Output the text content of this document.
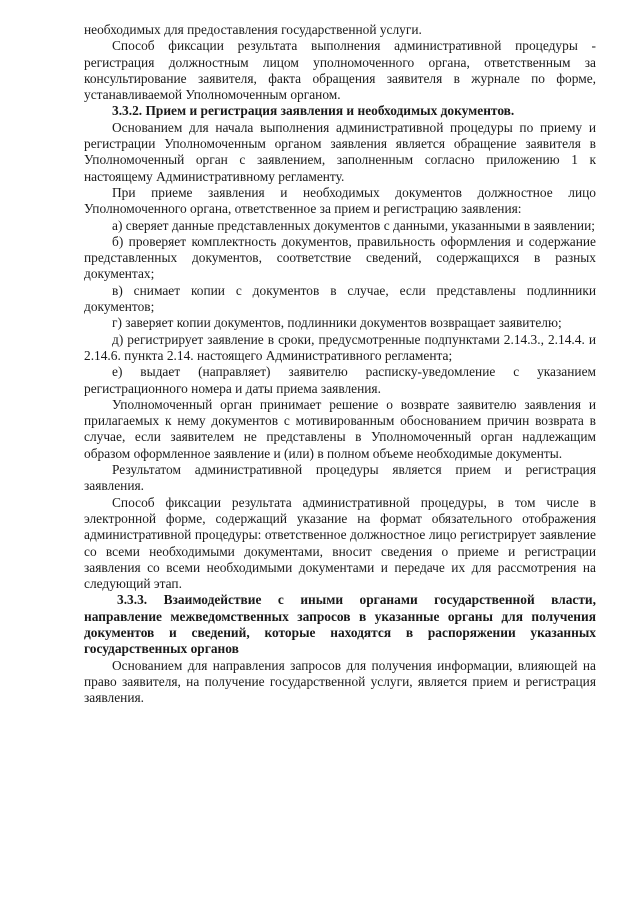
необходимых для предоставления государственной услуги.

Способ фиксации результата выполнения административной процедуры - регистрация должностным лицом уполномоченного органа, ответственным за консультирование заявителя, факта обращения заявителя в журнале по форме, устанавливаемой Уполномоченным органом.

3.3.2. Прием и регистрация заявления и необходимых документов.

Основанием для начала выполнения административной процедуры по приему и регистрации Уполномоченным органом заявления является обращение заявителя в Уполномоченный орган с заявлением, заполненным согласно приложению 1 к настоящему Административному регламенту.

При приеме заявления и необходимых документов должностное лицо Уполномоченного органа, ответственное за прием и регистрацию заявления:

а) сверяет данные представленных документов с данными, указанными в заявлении;

б) проверяет комплектность документов, правильность оформления и содержание представленных документов, соответствие сведений, содержащихся в разных документах;

в) снимает копии с документов в случае, если представлены подлинники документов;

г) заверяет копии документов, подлинники документов возвращает заявителю;

д) регистрирует заявление в сроки, предусмотренные подпунктами 2.14.3., 2.14.4. и 2.14.6. пункта 2.14. настоящего Административного регламента;

е) выдает (направляет) заявителю расписку-уведомление с указанием регистрационного номера и даты приема заявления.

Уполномоченный орган принимает решение о возврате заявителю заявления и прилагаемых к нему документов с мотивированным обоснованием причин возврата в случае, если заявителем не представлены в Уполномоченный орган надлежащим образом оформленное заявление и (или) в полном объеме необходимые документы.

Результатом административной процедуры является прием и регистрация заявления.

Способ фиксации результата административной процедуры, в том числе в электронной форме, содержащий указание на формат обязательного отображения административной процедуры: ответственное должностное лицо регистрирует заявление со всеми необходимыми документами, вносит сведения о приеме и регистрации заявления со всеми необходимыми документами и передаче их для рассмотрения на следующий этап.

3.3.3. Взаимодействие с иными органами государственной власти, направление межведомственных запросов в указанные органы для получения документов и сведений, которые находятся в распоряжении указанных государственных органов

Основанием для направления запросов для получения информации, влияющей на право заявителя, на получение государственной услуги, является прием и регистрация заявления.
